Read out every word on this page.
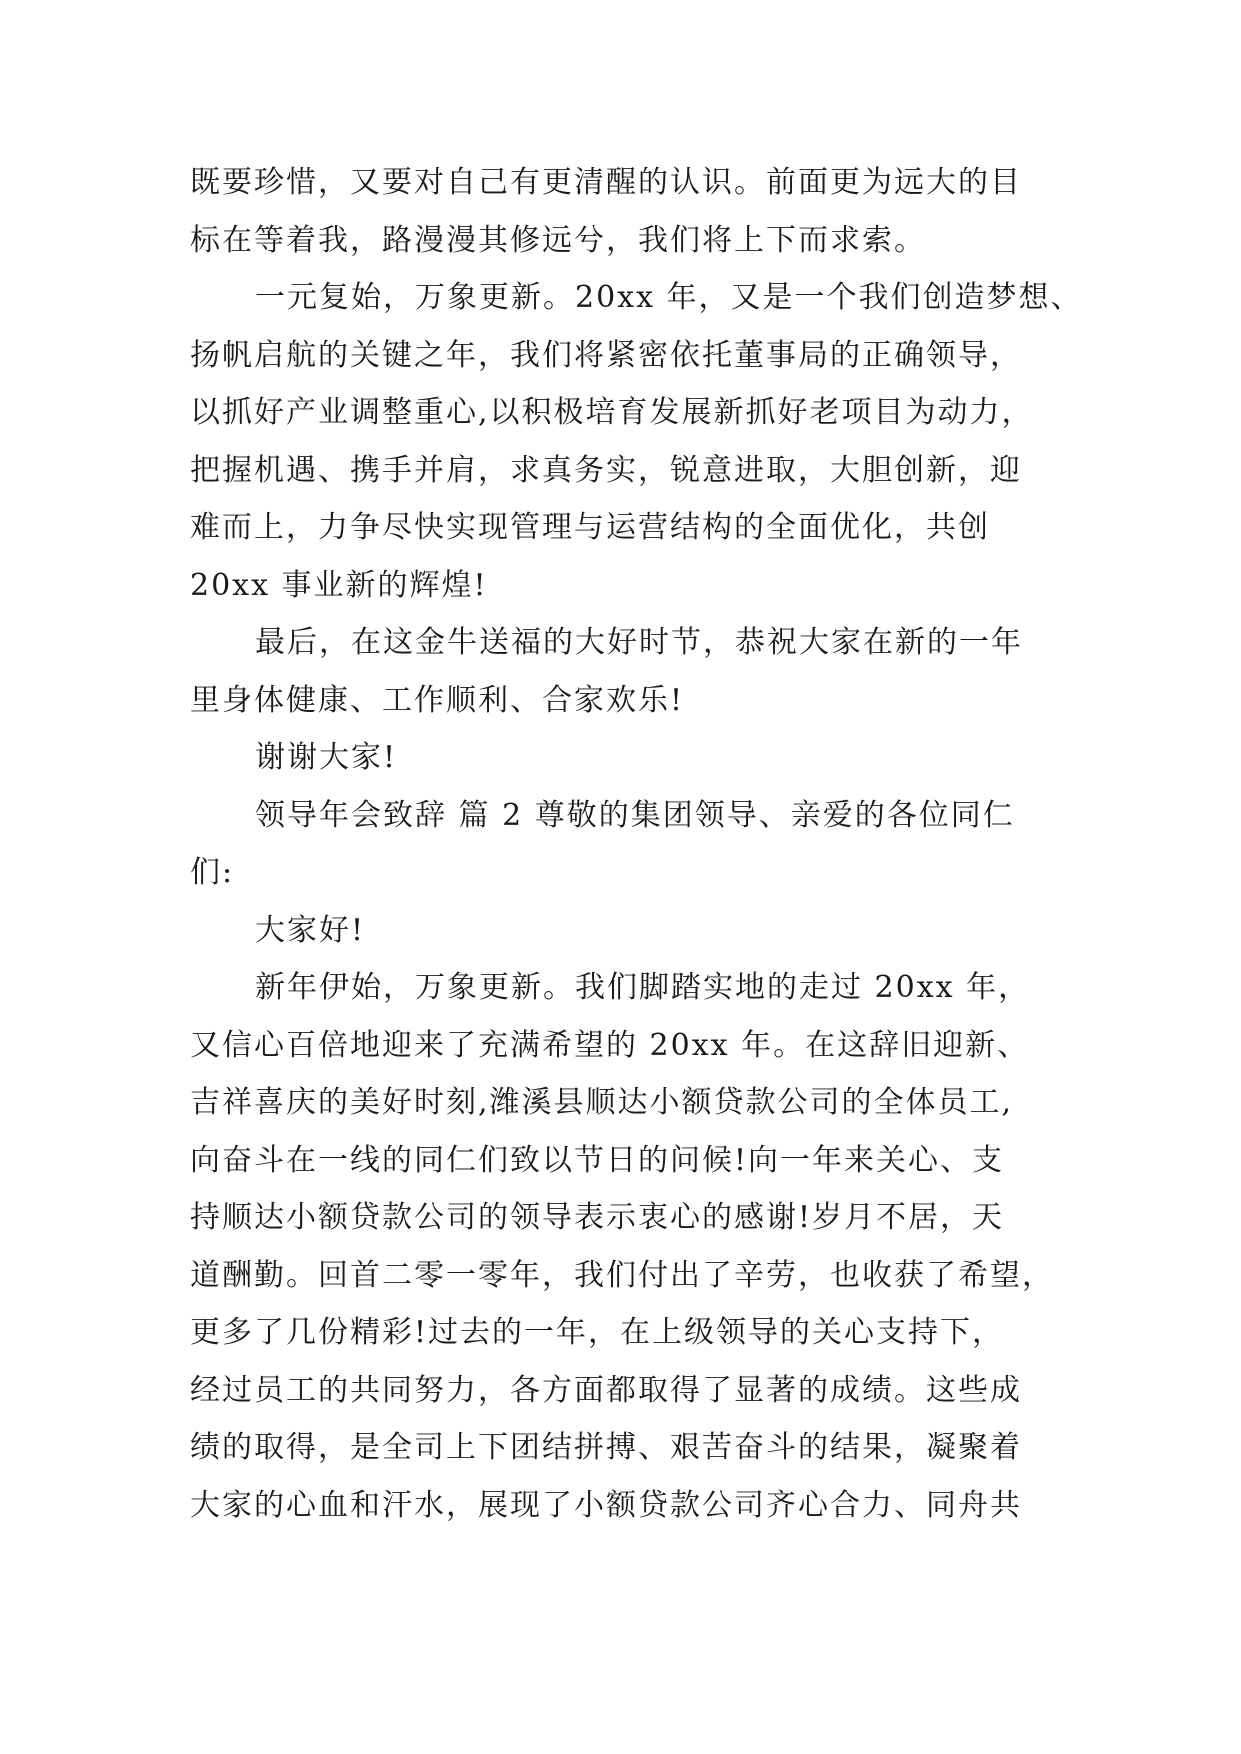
既要珍惜，又要对自己有更清醒的认识。前面更为远大的目
标在等着我，路漫漫其修远兮，我们将上下而求索。
一元复始，万象更新。20xx 年，又是一个我们创造梦想、
扬帆启航的关键之年，我们将紧密依托董事局的正确领导，
以抓好产业调整重心,以积极培育发展新抓好老项目为动力，
把握机遇、携手并肩，求真务实，锐意进取，大胆创新，迎
难而上，力争尽快实现管理与运营结构的全面优化，共创
20xx 事业新的辉煌!
最后，在这金牛送福的大好时节，恭祝大家在新的一年
里身体健康、工作顺利、合家欢乐!
谢谢大家!
领导年会致辞 篇 2 尊敬的集团领导、亲爱的各位同仁
们:
大家好!
新年伊始，万象更新。我们脚踏实地的走过 20xx 年，
又信心百倍地迎来了充满希望的 20xx 年。在这辞旧迎新、
吉祥喜庆的美好时刻,潍溪县顺达小额贷款公司的全体员工,
向奋斗在一线的同仁们致以节日的问候!向一年来关心、支
持顺达小额贷款公司的领导表示衷心的感谢!岁月不居，天
道酬勤。回首二零一零年，我们付出了辛劳，也收获了希望，
更多了几份精彩!过去的一年，在上级领导的关心支持下，
经过员工的共同努力，各方面都取得了显著的成绩。这些成
绩的取得，是全司上下团结拼搏、艰苦奋斗的结果，凝聚着
大家的心血和汗水，展现了小额贷款公司齐心合力、同舟共
